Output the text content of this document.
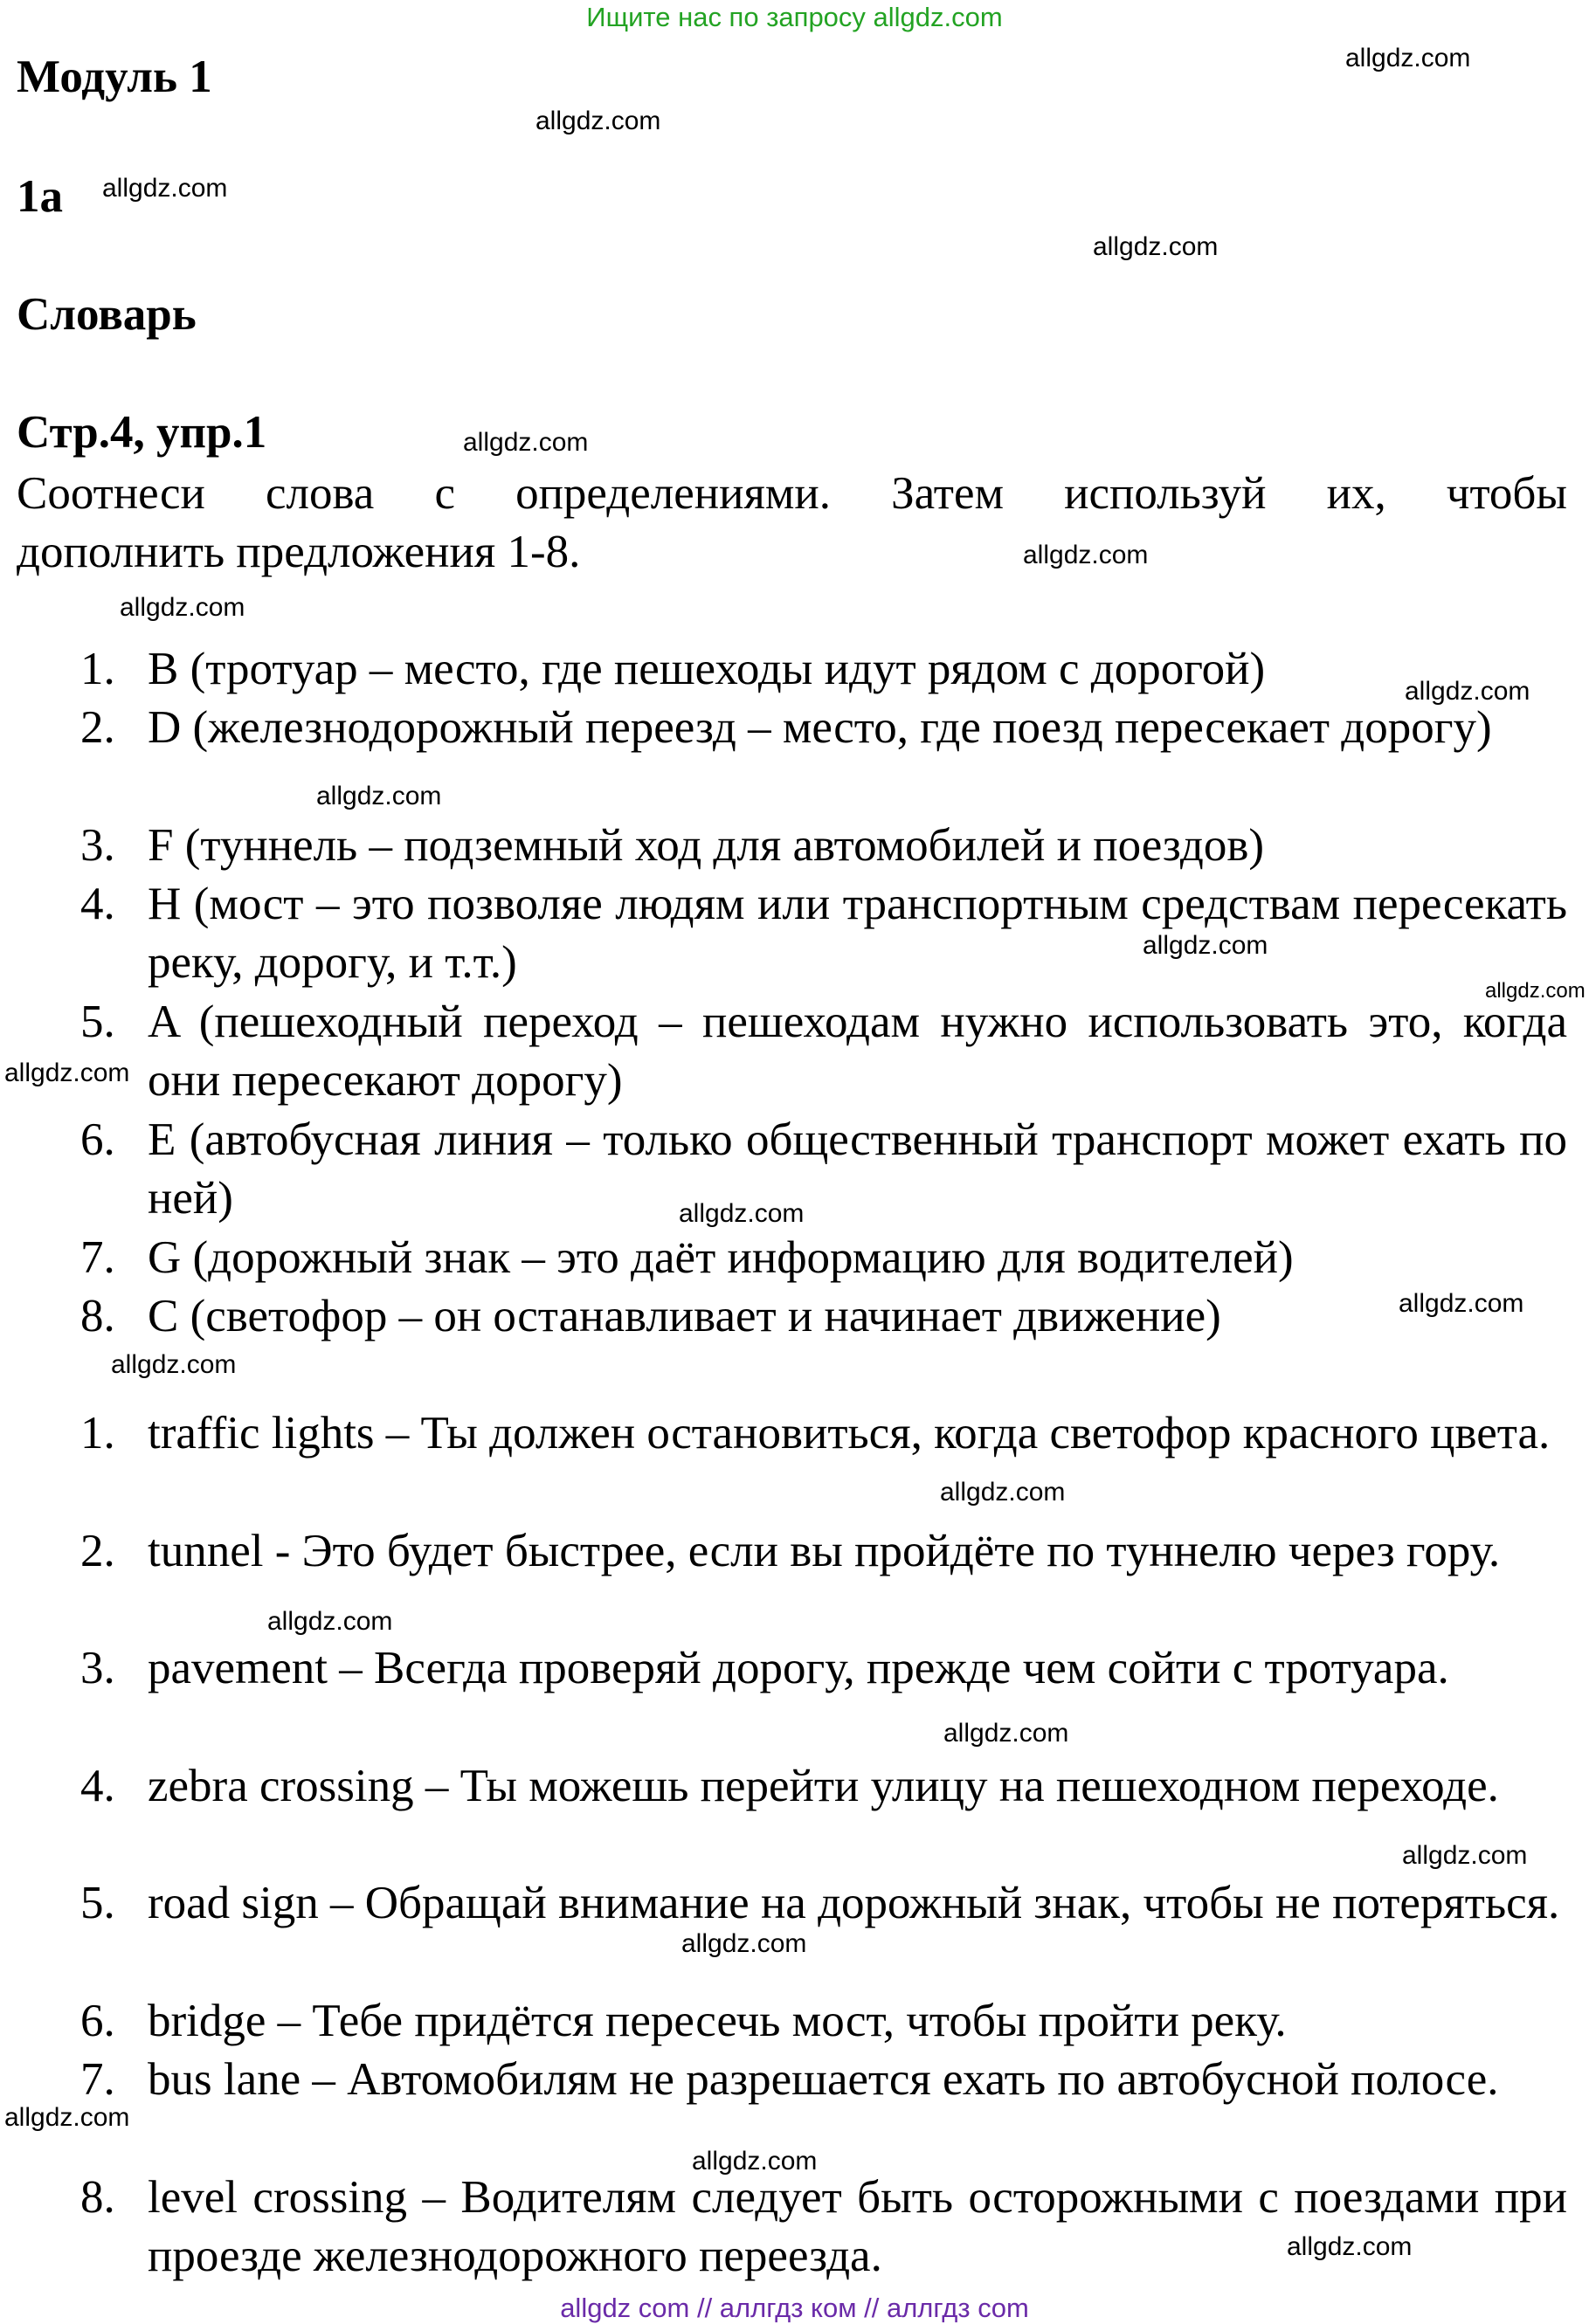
Ищите нас по запросу allgdz.com
allgdz com // аллгдз ком // аллгдз com
Модуль 1
1a
Словарь
Стр.4, упр.1
Соотнеси слова с определениями. Затем используй их, чтобы
дополнить предложения 1-8.
1. B (тротуар – место, где пешеходы идут рядом с дорогой)
2. D (железнодорожный переезд – место, где поезд пересекает дорогу)
3. F (туннель – подземный ход для автомобилей и поездов)
4. H (мост – это позволяе людям или транспортным средствам пересекать реку, дорогу, и т.т.)
5. A (пешеходный переход – пешеходам нужно использовать это, когда они пересекают дорогу)
6. E (автобусная линия – только общественный транспорт может ехать по ней)
7. G (дорожный знак – это даёт информацию для водителей)
8. C (светофор – он останавливает и начинает движение)
1. traffic lights – Ты должен остановиться, когда светофор красного цвета.
2. tunnel - Это будет быстрее, если вы пройдёте по туннелю через гору.
3. pavement – Всегда проверяй дорогу, прежде чем сойти с тротуара.
4. zebra crossing – Ты можешь перейти улицу на пешеходном переходе.
5. road sign – Обращай внимание на дорожный знак, чтобы не потеряться.
6. bridge – Тебе придётся пересечь мост, чтобы пройти реку.
7. bus lane – Автомобилям не разрешается ехать по автобусной полосе.
8. level crossing – Водителям следует быть осторожными с поездами при проезде железнодорожного переезда.
allgdz.com
allgdz.com
allgdz.com
allgdz.com
allgdz.com
allgdz.com
allgdz.com
allgdz.com
allgdz.com
allgdz.com
allgdz.com
allgdz.com
allgdz.com
allgdz.com
allgdz.com
allgdz.com
allgdz.com
allgdz.com
allgdz.com
allgdz.com
allgdz.com
allgdz.com
allgdz.com
